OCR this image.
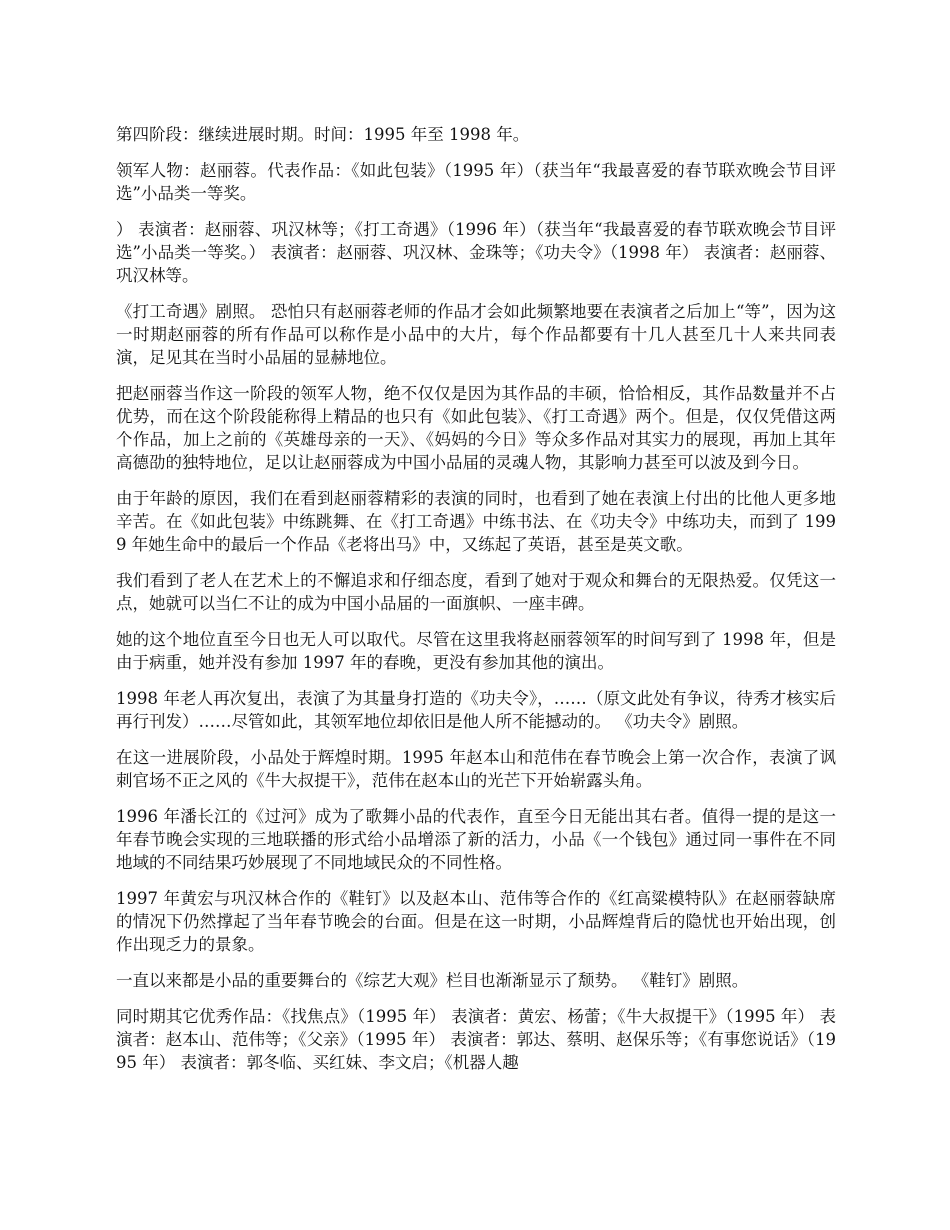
第四阶段：继续进展时期。时间：1995 年至 1998 年。

领军人物：赵丽蓉。代表作品：《如此包装》（1995 年）（获当年“我最喜爱的春节联欢晚会节目评选”小品类一等奖。

） 表演者：赵丽蓉、巩汉林等；《打工奇遇》（1996 年）（获当年“我最喜爱的春节联欢晚会节目评选”小品类一等奖。） 表演者：赵丽蓉、巩汉林、金珠等；《功夫令》（1998 年） 表演者：赵丽蓉、巩汉林等。

《打工奇遇》剧照。 恐怕只有赵丽蓉老师的作品才会如此频繁地要在表演者之后加上“等”，因为这一时期赵丽蓉的所有作品可以称作是小品中的大片，每个作品都要有十几人甚至几十人来共同表演，足见其在当时小品届的显赫地位。

把赵丽蓉当作这一阶段的领军人物，绝不仅仅是因为其作品的丰硕，恰恰相反，其作品数量并不占优势，而在这个阶段能称得上精品的也只有《如此包装》、《打工奇遇》两个。但是，仅仅凭借这两个作品，加上之前的《英雄母亲的一天》、《妈妈的今日》等众多作品对其实力的展现，再加上其年高德劭的独特地位，足以让赵丽蓉成为中国小品届的灵魂人物，其影响力甚至可以波及到今日。

由于年龄的原因，我们在看到赵丽蓉精彩的表演的同时，也看到了她在表演上付出的比他人更多地辛苦。在《如此包装》中练跳舞、在《打工奇遇》中练书法、在《功夫令》中练功夫，而到了 1999 年她生命中的最后一个作品《老将出马》中，又练起了英语，甚至是英文歌。

我们看到了老人在艺术上的不懈追求和仔细态度，看到了她对于观众和舞台的无限热爱。仅凭这一点，她就可以当仁不让的成为中国小品届的一面旗帜、一座丰碑。

她的这个地位直至今日也无人可以取代。尽管在这里我将赵丽蓉领军的时间写到了 1998 年，但是由于病重，她并没有参加 1997 年的春晚，更没有参加其他的演出。

1998 年老人再次复出，表演了为其量身打造的《功夫令》，……（原文此处有争议，待秀才核实后再行刊发）……尽管如此，其领军地位却依旧是他人所不能撼动的。 《功夫令》剧照。

在这一进展阶段，小品处于辉煌时期。1995 年赵本山和范伟在春节晚会上第一次合作，表演了讽刺官场不正之风的《牛大叔提干》，范伟在赵本山的光芒下开始崭露头角。

1996 年潘长江的《过河》成为了歌舞小品的代表作，直至今日无能出其右者。值得一提的是这一年春节晚会实现的三地联播的形式给小品增添了新的活力，小品《一个钱包》通过同一事件在不同地域的不同结果巧妙展现了不同地域民众的不同性格。

1997 年黄宏与巩汉林合作的《鞋钉》以及赵本山、范伟等合作的《红高粱模特队》在赵丽蓉缺席的情况下仍然撑起了当年春节晚会的台面。但是在这一时期，小品辉煌背后的隐忧也开始出现，创作出现乏力的景象。

一直以来都是小品的重要舞台的《综艺大观》栏目也渐渐显示了颓势。 《鞋钉》剧照。

同时期其它优秀作品：《找焦点》（1995 年） 表演者：黄宏、杨蕾；《牛大叔提干》（1995 年） 表演者：赵本山、范伟等；《父亲》（1995 年） 表演者：郭达、蔡明、赵保乐等；《有事您说话》（1995 年） 表演者：郭冬临、买红妹、李文启；《机器人趣
